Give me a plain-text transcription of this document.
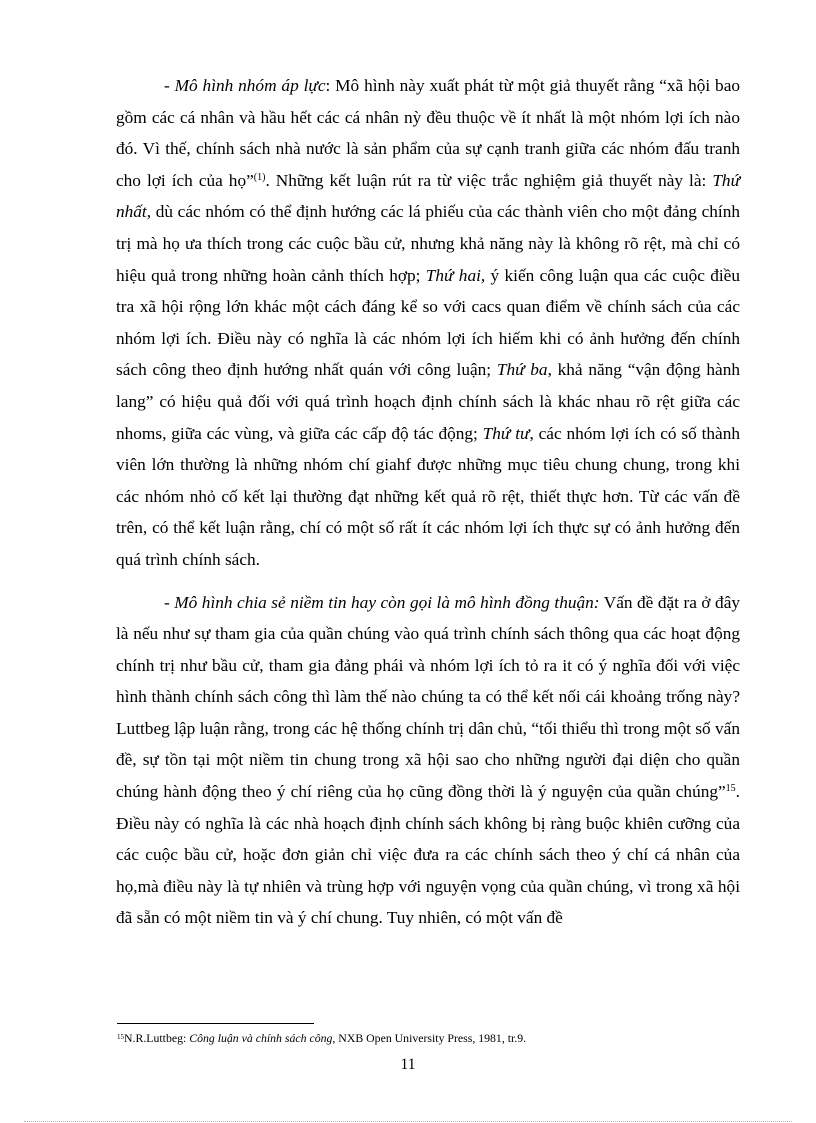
- Mô hình nhóm áp lực: Mô hình này xuất phát từ một giả thuyết rằng “xã hội bao gồm các cá nhân và hầu hết các cá nhân nỳ đều thuộc về ít nhất là một nhóm lợi ích nào đó. Vì thế, chính sách nhà nước là sản phẩm của sự cạnh tranh giữa các nhóm đấu tranh cho lợi ích của họ”$^{(1)}$. Những kết luận rút ra từ việc trắc nghiệm giả thuyết này là: Thứ nhất, dù các nhóm có thể định hướng các lá phiếu của các thành viên cho một đảng chính trị mà họ ưa thích trong các cuộc bầu cử, nhưng khả năng này là không rõ rệt, mà chỉ có hiệu quả trong những hoàn cảnh thích hợp; Thứ hai, ý kiến công luận qua các cuộc điều tra xã hội rộng lớn khác một cách đáng kể so với cacs quan điểm về chính sách của các nhóm lợi ích. Điều này có nghĩa là các nhóm lợi ích hiếm khi có ảnh hưởng đến chính sách công theo định hướng nhất quán với công luận; Thứ ba, khả năng “vận động hành lang” có hiệu quả đối với quá trình hoạch định chính sách là khác nhau rõ rệt giữa các nhoms, giữa các vùng, và giữa các cấp độ tác động; Thứ tư, các nhóm lợi ích có số thành viên lớn thường là những nhóm chí giahf được những mục tiêu chung chung, trong khi các nhóm nhỏ cố kết lại thường đạt những kết quả rõ rệt, thiết thực hơn. Từ các vấn đề trên, có thể kết luận rằng, chí có một số rất ít các nhóm lợi ích thực sự có ảnh hưởng đến quá trình chính sách.

- Mô hình chia sẻ niềm tin hay còn gọi là mô hình đồng thuận: Vấn đề đặt ra ở đây là nếu như sự tham gia của quần chúng vào quá trình chính sách thông qua các hoạt động chính trị như bầu cử, tham gia đảng phái và nhóm lợi ích tỏ ra it có ý nghĩa đối với việc hình thành chính sách công thì làm thế nào chúng ta có thể kết nối cái khoảng trống này? Luttbeg lập luận rằng, trong các hệ thống chính trị dân chủ, “tối thiểu thì trong một số vấn đề, sự tồn tại một niềm tin chung trong xã hội sao cho những người đại diện cho quần chúng hành động theo ý chí riêng của họ cũng đồng thời là ý nguyện của quần chúng”$^{15}$. Điều này có nghĩa là các nhà hoạch định chính sách không bị ràng buộc khiên cưỡng của các cuộc bầu cử, hoặc đơn giản chỉ việc đưa ra các chính sách theo ý chí cá nhân của họ,mà điều này là tự nhiên và trùng hợp với nguyện vọng của quần chúng, vì trong xã hội đã sẵn có một niềm tin và ý chí chung. Tuy nhiên, có một vấn đề

$^{15}$N.R.Luttbeg: Công luận và chính sách công, NXB Open University Press, 1981, tr.9.
11
